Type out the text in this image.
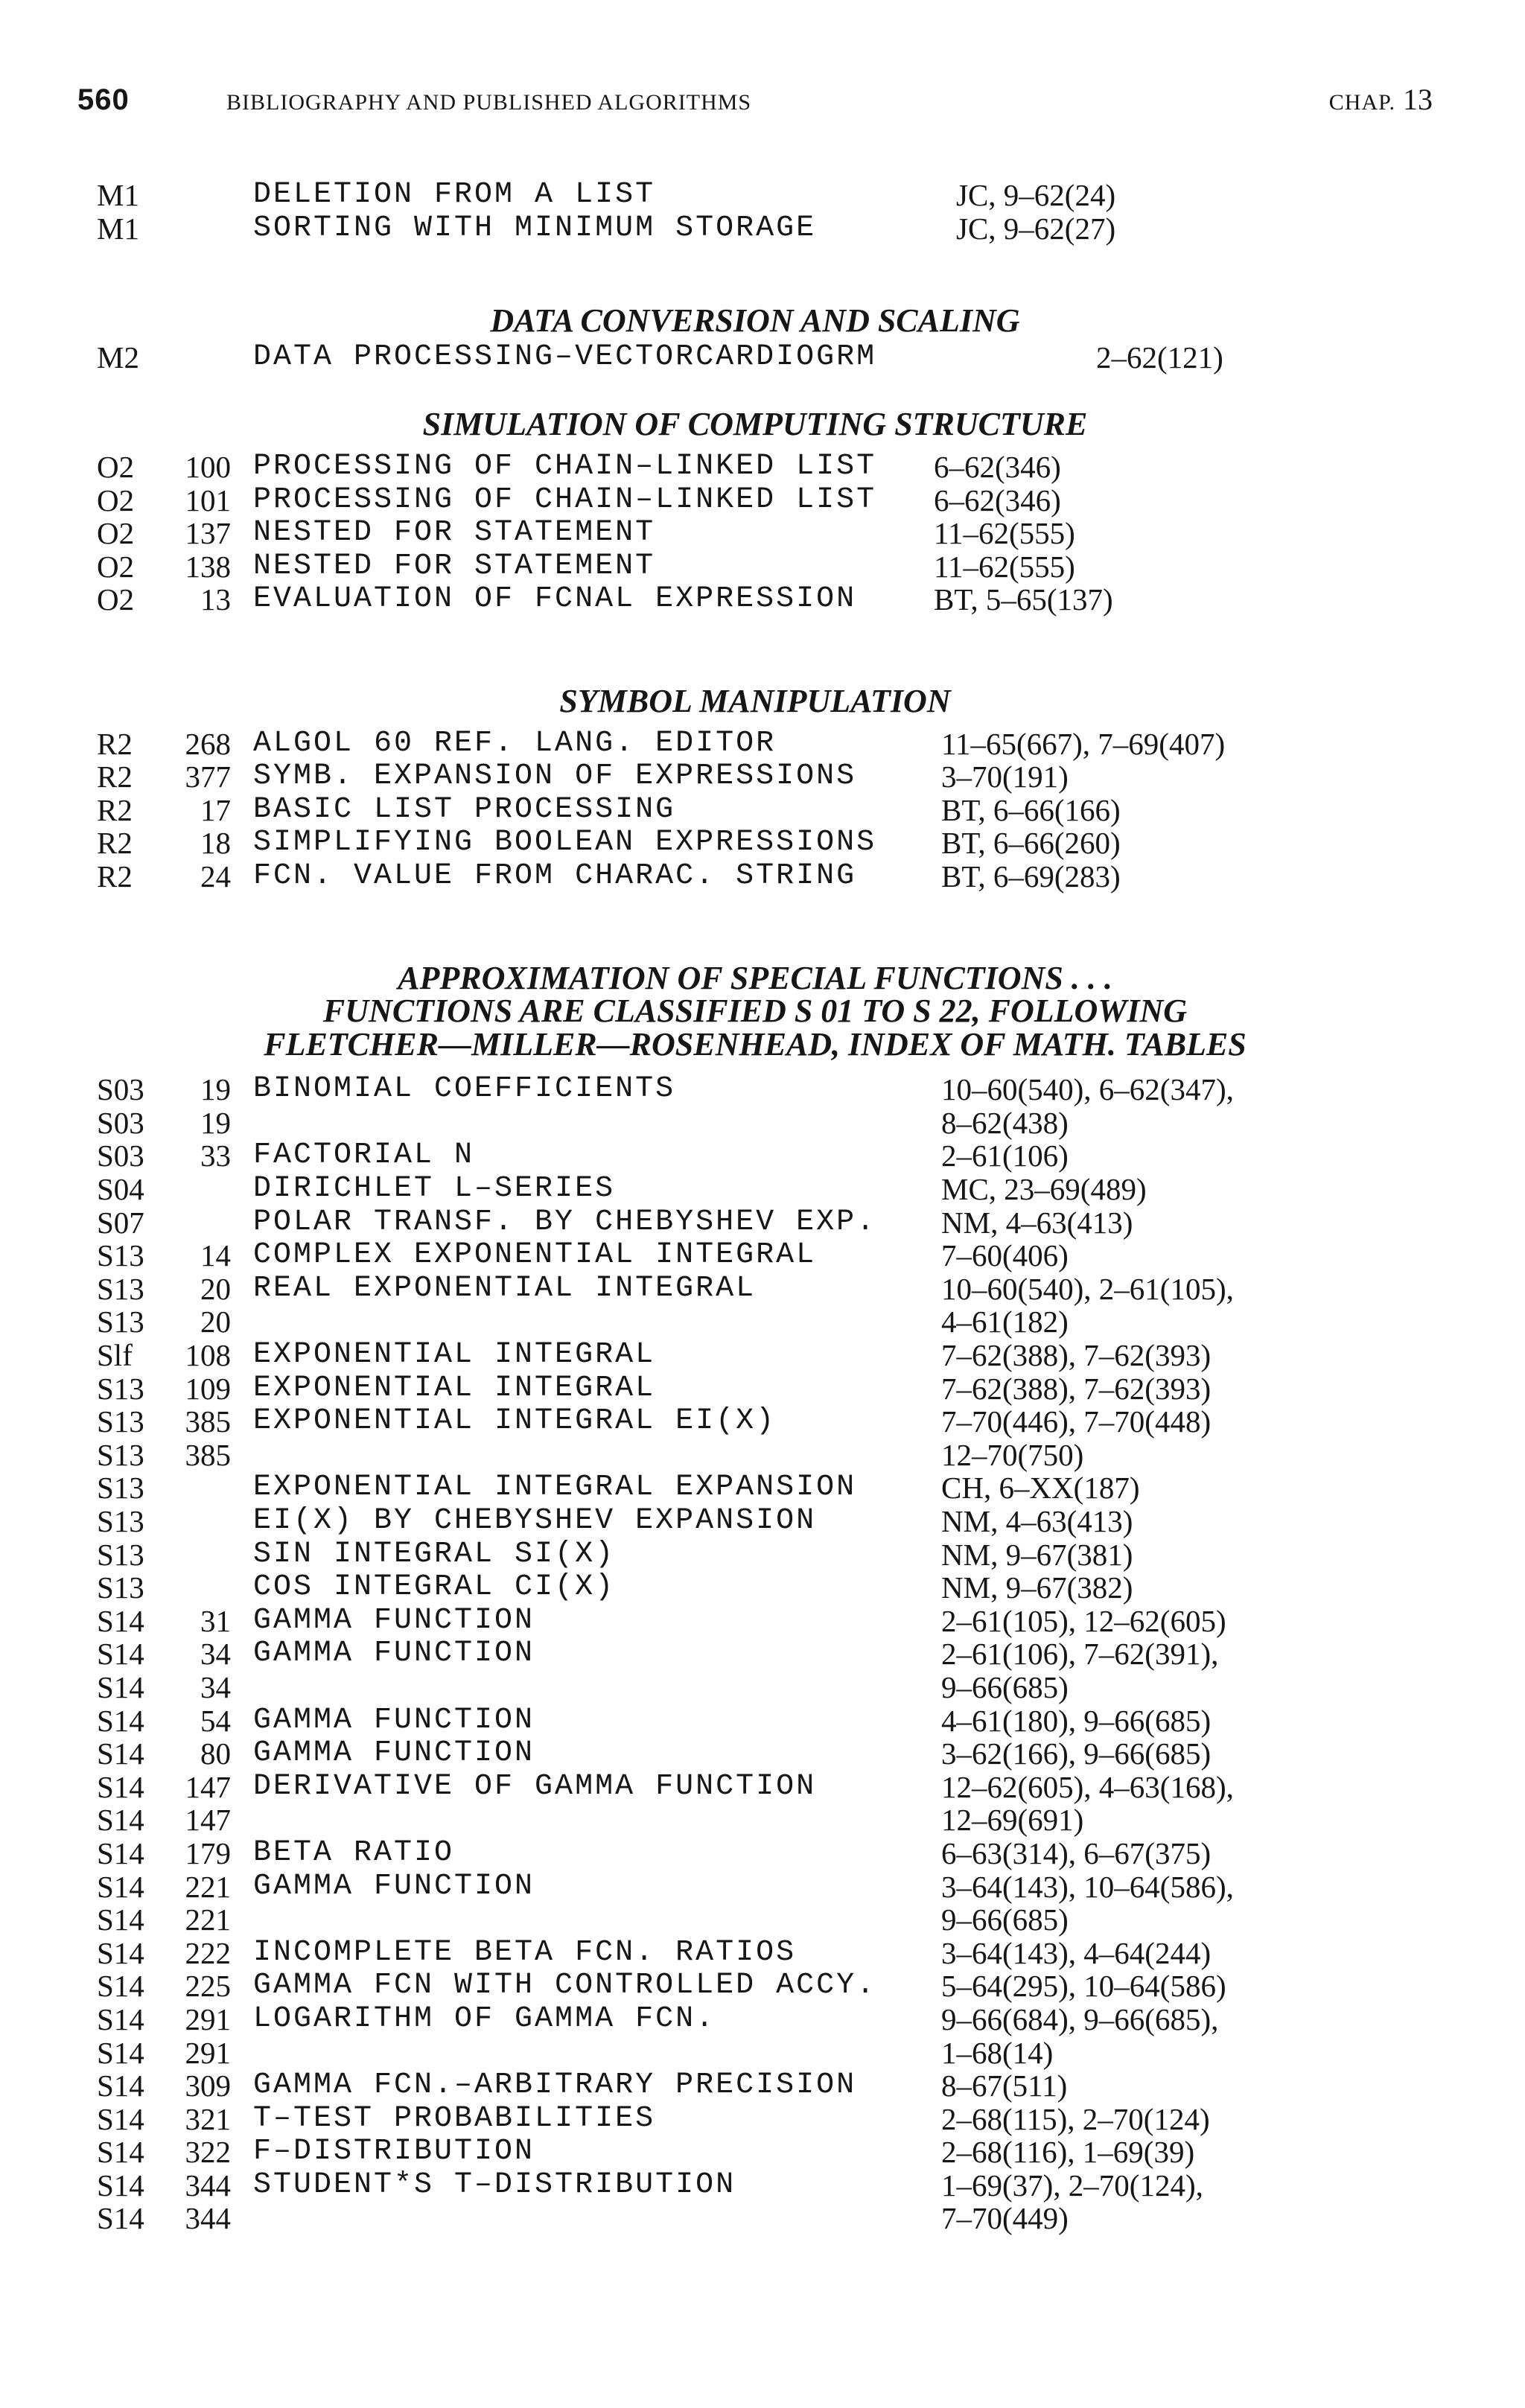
560	BIBLIOGRAPHY AND PUBLISHED ALGORITHMS	CHAP. 13
M1	DELETION FROM A LIST	JC, 9–62(24)
M1	SORTING WITH MINIMUM STORAGE	JC, 9–62(27)
DATA CONVERSION AND SCALING
M2	DATA PROCESSING–VECTORCARDIOGRM	2–62(121)
SIMULATION OF COMPUTING STRUCTURE
O2	100 PROCESSING OF CHAIN–LINKED LIST 6–62(346)
O2	101 PROCESSING OF CHAIN–LINKED LIST 6–62(346)
O2	137 NESTED FOR STATEMENT	11–62(555)
O2	138 NESTED FOR STATEMENT	11–62(555)
O2	13 EVALUATION OF FCNAL EXPRESSION	BT, 5–65(137)
SYMBOL MANIPULATION
R2	268 ALGOL 60 REF. LANG. EDITOR	11–65(667), 7–69(407)
R2	377 SYMB. EXPANSION OF EXPRESSIONS	3–70(191)
R2	17 BASIC LIST PROCESSING	BT, 6–66(166)
R2	18 SIMPLIFYING BOOLEAN EXPRESSIONS BT, 6–66(260)
R2	24 FCN. VALUE FROM CHARAC. STRING	BT, 6–69(283)
APPROXIMATION OF SPECIAL FUNCTIONS . . .
FUNCTIONS ARE CLASSIFIED S 01 TO S 22, FOLLOWING
FLETCHER—MILLER—ROSENHEAD, INDEX OF MATH. TABLES
S03	19 BINOMIAL COEFFICIENTS	10–60(540), 6–62(347),
S03	19	8–62(438)
S03	33 FACTORIAL N	2–61(106)
S04	DIRICHLET L–SERIES	MC, 23–69(489)
S07	POLAR TRANSF. BY CHEBYSHEV EXP. NM, 4–63(413)
S13	14 COMPLEX EXPONENTIAL INTEGRAL	7–60(406)
S13	20 REAL EXPONENTIAL INTEGRAL	10–60(540), 2–61(105),
S13	20	4–61(182)
Slf	108 EXPONENTIAL INTEGRAL	7–62(388), 7–62(393)
S13	109 EXPONENTIAL INTEGRAL	7–62(388), 7–62(393)
S13	385 EXPONENTIAL INTEGRAL EI(X)	7–70(446), 7–70(448)
S13	385	12–70(750)
S13	EXPONENTIAL INTEGRAL EXPANSION	CH, 6–XX(187)
S13	EI(X) BY CHEBYSHEV EXPANSION	NM, 4–63(413)
S13	SIN INTEGRAL SI(X)	NM, 9–67(381)
S13	COS INTEGRAL CI(X)	NM, 9–67(382)
S14	31 GAMMA FUNCTION	2–61(105), 12–62(605)
S14	34 GAMMA FUNCTION	2–61(106), 7–62(391),
S14	34	9–66(685)
S14	54 GAMMA FUNCTION	4–61(180), 9–66(685)
S14	80 GAMMA FUNCTION	3–62(166), 9–66(685)
S14	147 DERIVATIVE OF GAMMA FUNCTION	12–62(605), 4–63(168),
S14	147	12–69(691)
S14	179 BETA RATIO	6–63(314), 6–67(375)
S14	221 GAMMA FUNCTION	3–64(143), 10–64(586),
S14	221	9–66(685)
S14	222 INCOMPLETE BETA FCN. RATIOS	3–64(143), 4–64(244)
S14	225 GAMMA FCN WITH CONTROLLED ACCY. 5–64(295), 10–64(586)
S14	291 LOGARITHM OF GAMMA FCN.	9–66(684), 9–66(685),
S14	291	1–68(14)
S14	309 GAMMA FCN.–ARBITRARY PRECISION	8–67(511)
S14	321 T–TEST PROBABILITIES	2–68(115), 2–70(124)
S14	322 F–DISTRIBUTION	2–68(116), 1–69(39)
S14	344 STUDENT*S T–DISTRIBUTION	1–69(37), 2–70(124),
S14	344	7–70(449)
